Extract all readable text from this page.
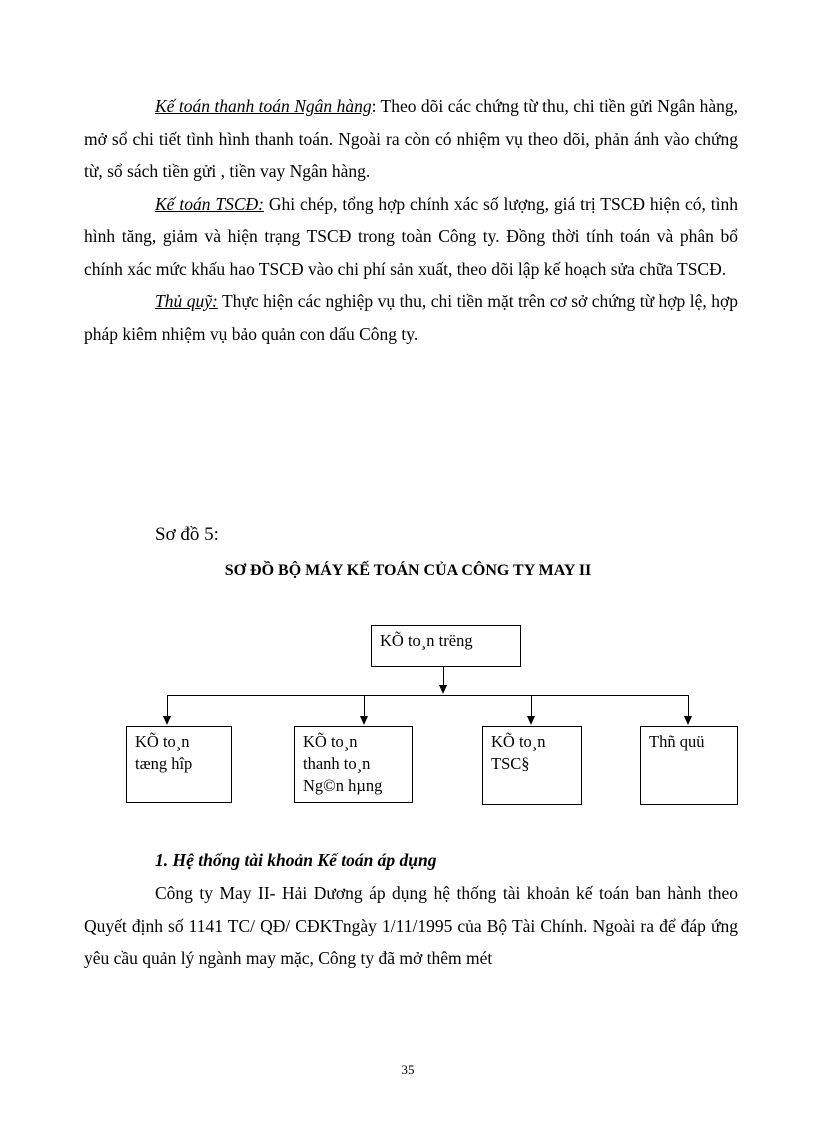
Kế toán thanh toán Ngân hàng: Theo dõi các chứng từ thu, chi tiền gửi Ngân hàng, mở sổ chi tiết tình hình thanh toán. Ngoài ra còn có nhiệm vụ theo dõi, phản ánh vào chứng từ, sổ sách tiền gửi , tiền vay Ngân hàng.

Kế toán TSCĐ: Ghi chép, tổng hợp chính xác số lượng, giá trị TSCĐ hiện có, tình hình tăng, giảm và hiện trạng TSCĐ trong toàn Công ty. Đồng thời tính toán và phân bổ chính xác mức khấu hao TSCĐ vào chi phí sản xuất, theo dõi lập kế hoạch sửa chữa TSCĐ.

Thủ quỹ: Thực hiện các nghiệp vụ thu, chi tiền mặt trên cơ sở chứng từ hợp lệ, hợp pháp kiêm nhiệm vụ bảo quản con dấu Công ty.

Sơ đồ 5:
SƠ ĐỒ BỘ MÁY KẾ TOÁN CỦA CÔNG TY MAY II
KÕ to¸n trëng
KÕ to¸n
tæng hîp
KÕ to¸n
thanh to¸n
Ng©n hµng
KÕ to¸n
TSC§
Thñ quü
1. Hệ thống tài khoản Kế toán áp dụng

Công ty May II- Hải Dương áp dụng hệ thống tài khoản kế toán ban hành theo Quyết định số 1141 TC/ QĐ/ CĐKTngày 1/11/1995 của Bộ Tài Chính. Ngoài ra để đáp ứng yêu cầu quản lý ngành may mặc, Công ty đã mở thêm mét

35
